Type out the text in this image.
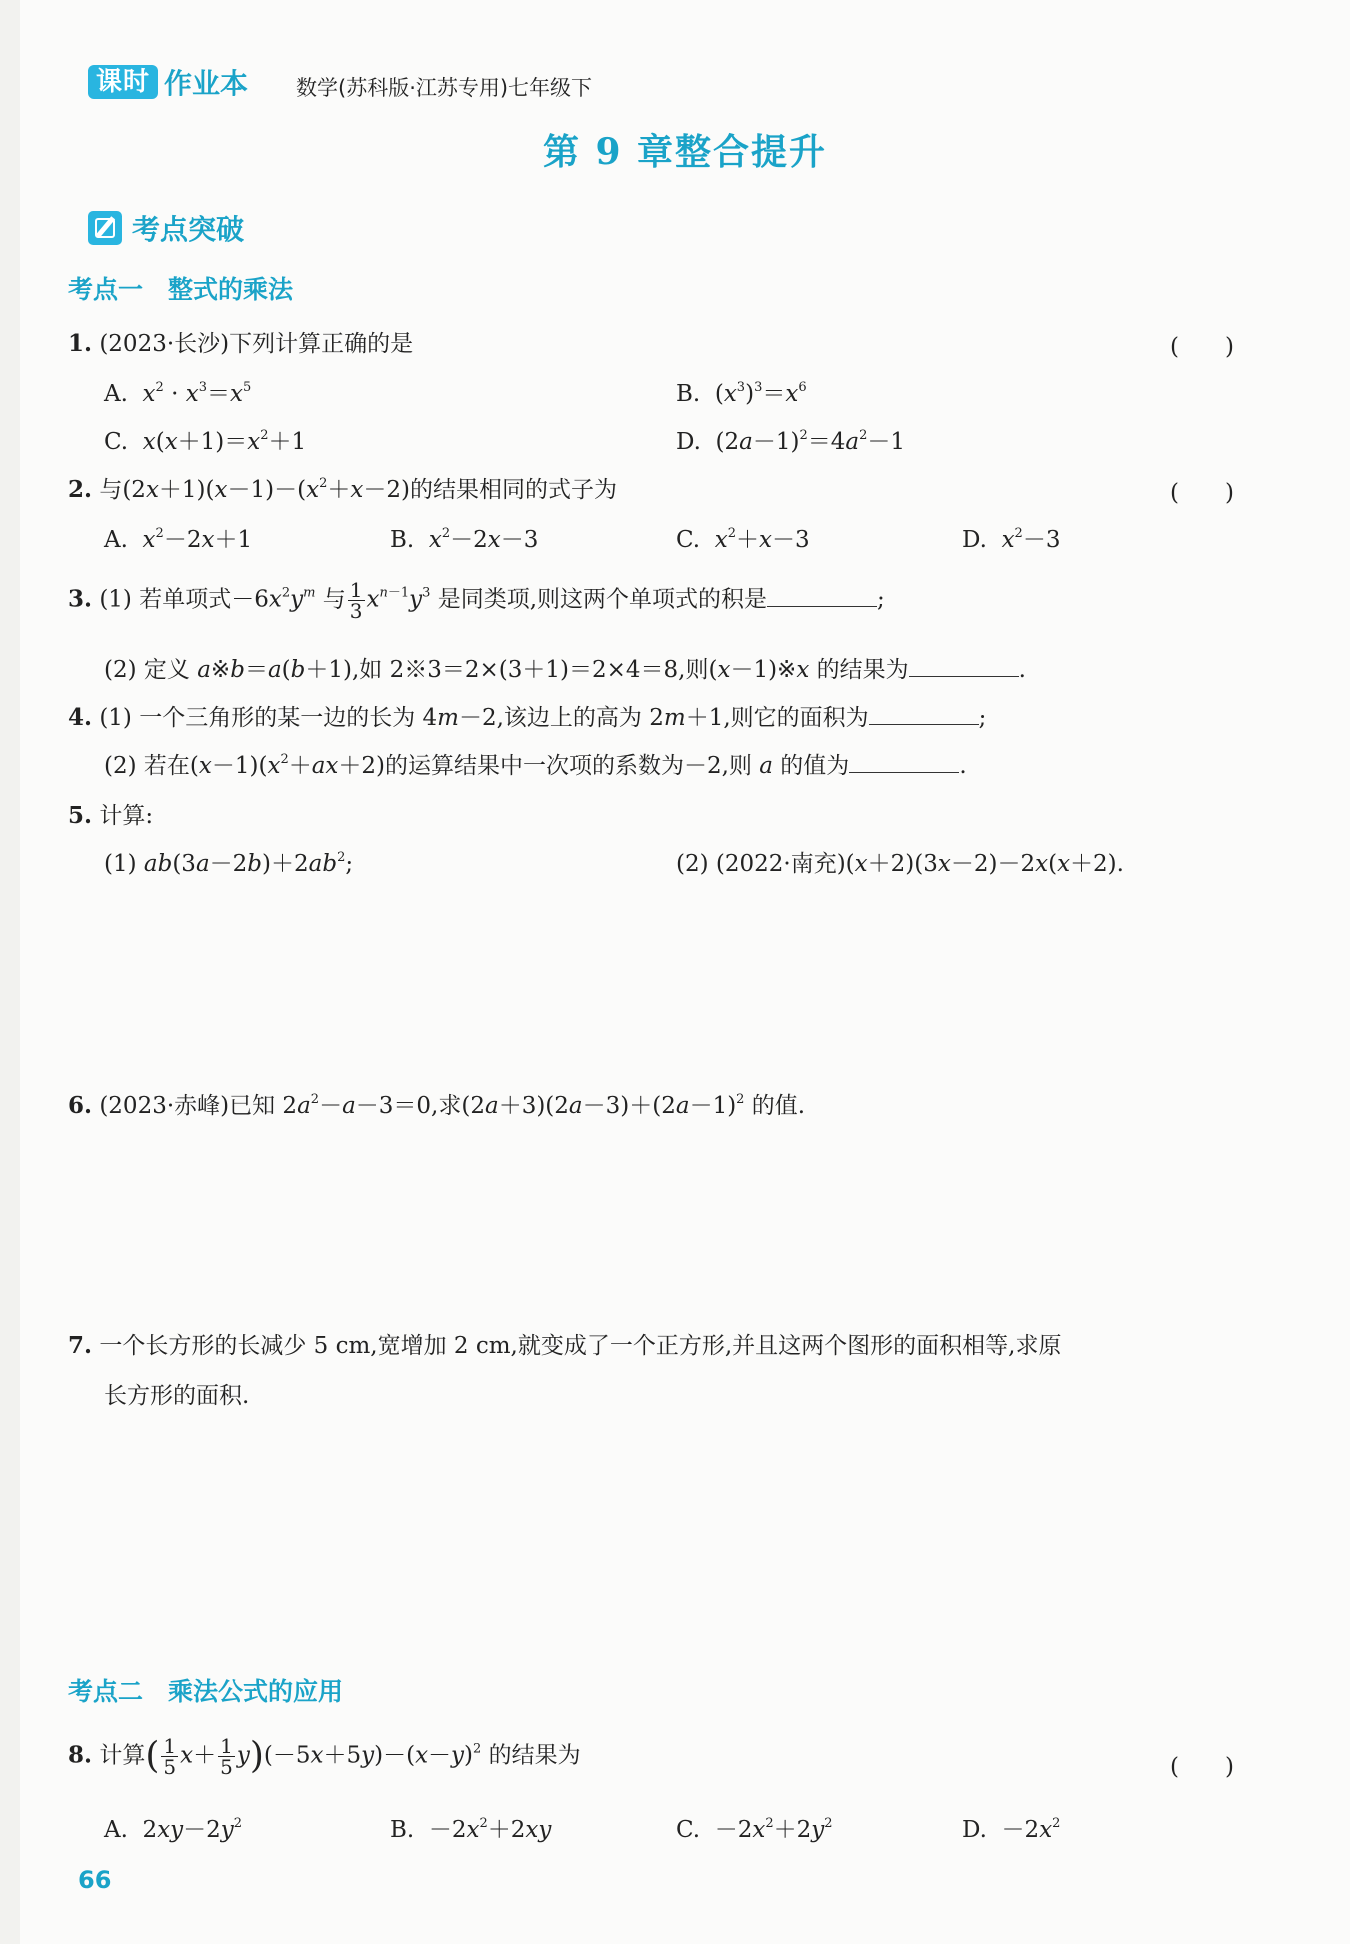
课时 作业本 数学(苏科版·江苏专用)七年级下
第 9 章整合提升
考点突破
考点一　整式的乘法
1. (2023·长沙)下列计算正确的是	(　　)
A.  $x^2 \cdot x^3=x^5$	B.  $(x^3)^3=x^6$
C.  $x(x+1)=x^2+1$	D.  $(2a-1)^2=4a^2-1$
2. 与$(2x+1)(x-1)-(x^2+x-2)$的结果相同的式子为	(　　)
A.  $x^2-2x+1$	B.  $x^2-2x-3$	C.  $x^2+x-3$	D.  $x^2-3$
3. (1) 若单项式$-6x^2y^m$ 与 $\frac{1}{3} x^{n-1}y^3$ 是同类项,则这两个单项式的积是	;
(2) 定义 a※b＝a(b＋1),如 2※3＝2×(3＋1)＝2×4＝8,则(x－1)※x 的结果为	.
4. (1) 一个三角形的某一边的长为 4m－2,该边上的高为 2m＋1,则它的面积为	;
(2) 若在$(x-1)(x^2+ax+2)$的运算结果中一次项的系数为－2,则 a 的值为	.
5. 计算:
(1) $ab(3a-2b)+2ab^2$;	(2) (2022·南充)(x＋2)(3x－2)－2x(x＋2).
6. (2023·赤峰)已知 $2a^2-a-3=0$,求$(2a+3)(2a-3)+(2a-1)^2$ 的值.
7. 一个长方形的长减少 5 cm,宽增加 2 cm,就变成了一个正方形,并且这两个图形的面积相等,求原
长方形的面积.
考点二　乘法公式的应用
8. 计算( $\frac{1}{5} x+ \frac{1}{5} y)(-5x+5y)-(x-y)^2$ 的结果为	(　　)
A.  $2xy-2y^2$	B.  $-2x^2+2xy$	C.  $-2x^2+2y^2$	D.  $-2x^2$
66
